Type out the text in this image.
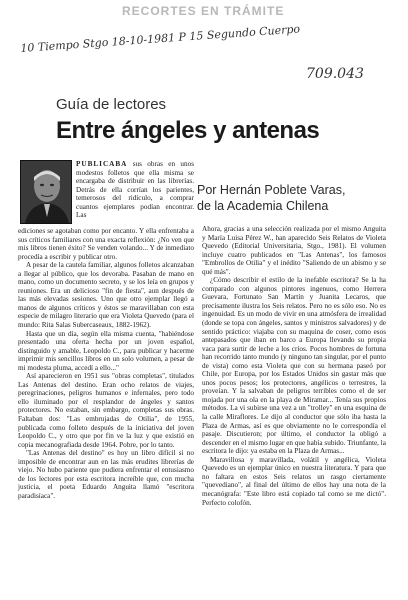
RECORTES EN TRÁMITE
10 Tiempo Stgo 18-10-1981 P 15 Segundo Cuerpo
709.043
Guía de lectores
Entre ángeles y antenas
Por Hernán Poblete Varas,
de la Academia Chilena

PUBLICABA sus obras en unos modestos folletos que ella misma se encargaba de distribuir en las librerías. Detrás de ella corrían los parientes, temerosos del ridículo, a comprar cuantos ejemplares podían encontrar. Las

ediciones se agotaban como por encanto. Y ella enfrentaba a sus críticos familiares con una exacta reflexión: ¿No ven que mis libros tienen éxito? Se venden volando... Y de inmediato procedía a escribir y publicar otro.

A pesar de la cautela familiar, algunos folletos alcanzaban a llegar al público, que los devoraba. Pasaban de mano en mano, como un documento secreto, y se los leía en grupos y reuniones. Era un delicioso "fin de fiesta", aun después de las más elevadas sesiones. Uno que otro ejemplar llegó a manos de algunos críticos y éstos se maravillaban con esta especie de milagro literario que era Violeta Quevedo (para el mundo: Rita Salas Subercaseaux, 1882-1962).

Hasta que un día, según ella misma cuenta, "habiéndose presentado una oferta hecha por un joven español, distinguido y amable, Leopoldo C., para publicar y hacerme imprimir mis sencillos libros en un solo volumen, a pesar de mi modesta pluma, accedí a ello..."

Así aparecieron en 1951 sus "obras completas", titulados Las Antenas del destino. Eran ocho relatos de viajes, peregrinaciones, peligros humanos e infernales, pero todo ello iluminado por el resplandor de ángeles y santos protectores. No estaban, sin embargo, completas sus obras. Faltaban dos: "Las embrujadas de Otilia", de 1955, publicada como folleto después de la iniciativa del joven Leopoldo C., y otro que por fin ve la luz y que existió en copia mecanografiada desde 1964. Pobre, por lo tanto.

"Las Antenas del destino" es hoy un libro difícil si no imposible de encontrar aun en las más erudites librerías de viejo. No hubo pariente que pudiera enfrentar el entusiasmo de los lectores por esta escritora increíble que, con mucha justicia, el poeta Eduardo Anguita llamó "escritora paradisíaca".

Ahora, gracias a una selección realizada por el mismo Anguita y María Luisa Pérez W., han aparecido Seis Relatos de Violeta Quevedo (Editorial Universitaria, Stgo., 1981). El volumen incluye cuatro publicados en "Las Antenas", los famosos "Embrollos de Otilia" y el inédito "Saliendo de un abismo y se qué más".

¿Cómo describir el estilo de la inefable escritora? Se la ha comparado con algunos pintores ingenuos, como Herrera Guevara, Fortunato San Martín y Juanita Lecaros, que precisamente ilustra los Seis relatos. Pero no es sólo eso. No es ingenuidad. Es un modo de vivir en una atmósfera de irrealidad (donde se topa con ángeles, santos y ministros salvadores) y de sentido práctico: viajaba con su maquina de coser, como esos antepasados que iban en barco a Europa llevando su propia vaca para surtir de leche a los críos. Pocos hombres de fortuna han recorrido tanto mundo (y ninguno tan singular, por el punto de vista) como esta Violeta que con su hermana paseó por Chile, por Europa, por los Estados Unidos sin gastar más que unos pocos pesos; los protectores, angélicos o terrestres, la proveían. Y la salvaban de peligros terribles como el de ser mojada por una ola en la playa de Miramar... Tenía sus propios métodos. La vi subirse una vez a un "trolley" en una esquina de la calle Miraflores. Le dijo al conductor que sólo iba hasta la Plaza de Armas, así es que obviamente no le correspondía el pasaje. Discutieron; por último, el conductor la obligó a descender en el mismo lugar en que había subido. Triunfante, la escritora le dijo: ya estaba en la Plaza de Armas...

Maravillosa y maravillada, volátil y angélica, Violeta Quevedo es un ejemplar único en nuestra literatura. Y para que no faltara en estos Seis relatos un rasgo ciertamente "quevediano", al final del último de ellos hay una nota de la mecanógrafa: "Este libro está copiado tal como se me dictó". Perfecto colofón.
